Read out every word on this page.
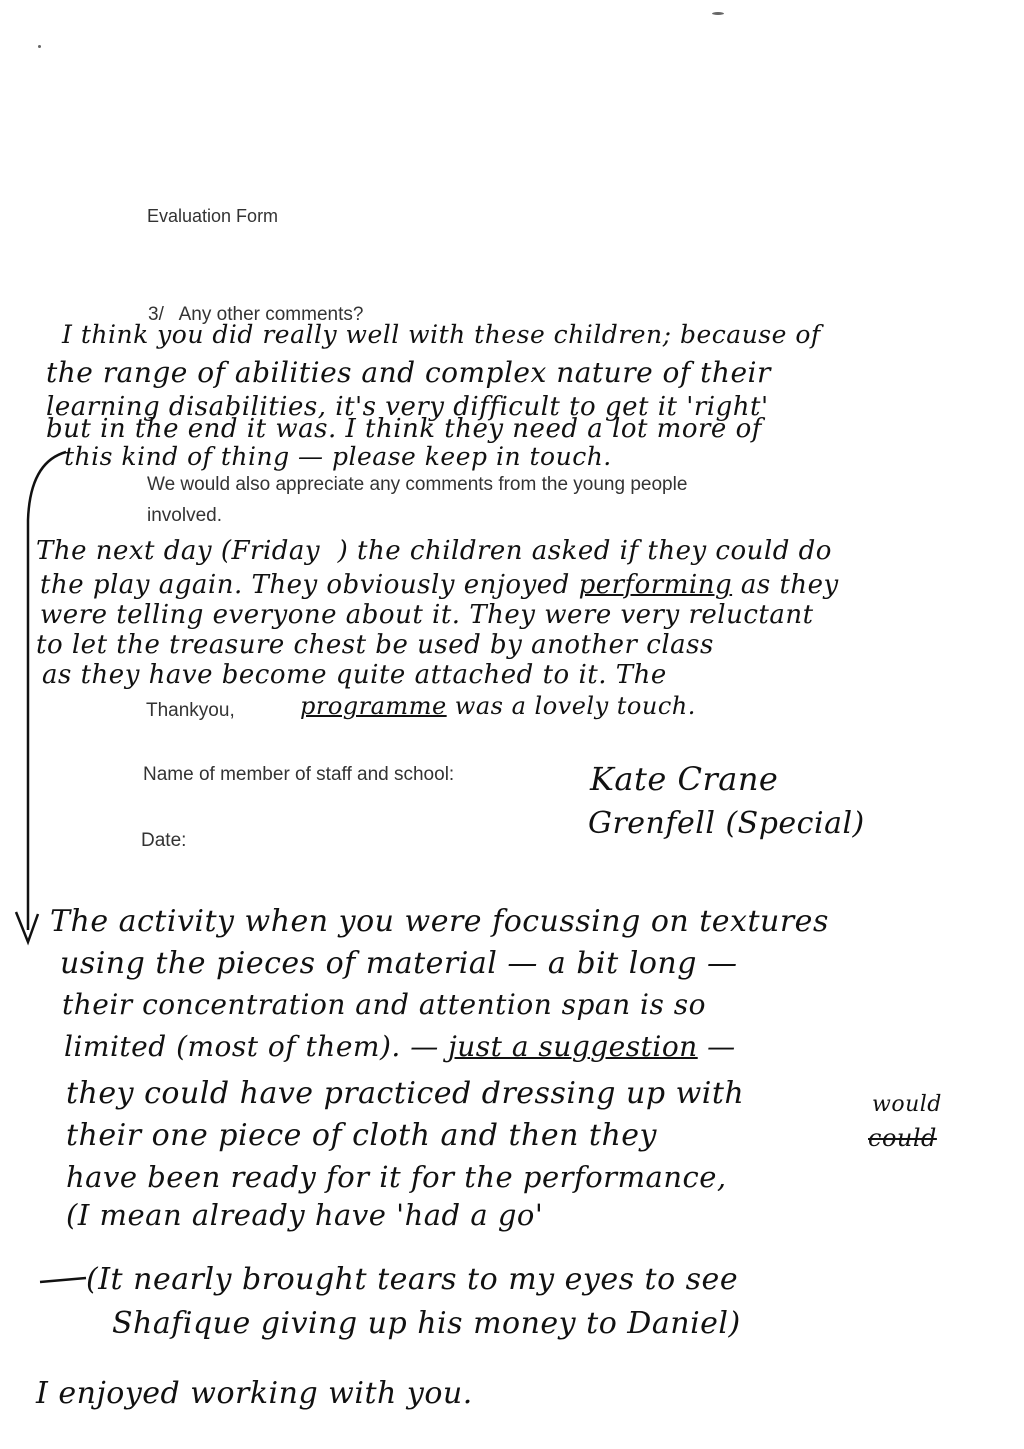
Evaluation Form
3/   Any other comments?
We would also appreciate any comments from the young people
involved.
Thankyou,
Name of member of staff and school:
Date:
I think you did really well with these children; because of
the range of abilities and complex nature of their
learning disabilities, it's very difficult to get it 'right'
but in the end it was. I think they need a lot more of
this kind of thing — please keep in touch.
The next day (Friday  ) the children asked if they could do
the play again. They obviously enjoyed performing as they
were telling everyone about it. They were very reluctant
to let the treasure chest be used by another class
as they have become quite attached to it. The
programme was a lovely touch.
Kate Crane
Grenfell (Special)
The activity when you were focussing on textures
using the pieces of material — a bit long —
their concentration and attention span is so
limited (most of them). — just a suggestion —
they could have practiced dressing up with
their one piece of cloth and then they
would
could
have been ready for it for the performance,
(I mean already have 'had a go'
(It nearly brought tears to my eyes to see
Shafique giving up his money to Daniel)
I enjoyed working with you.
